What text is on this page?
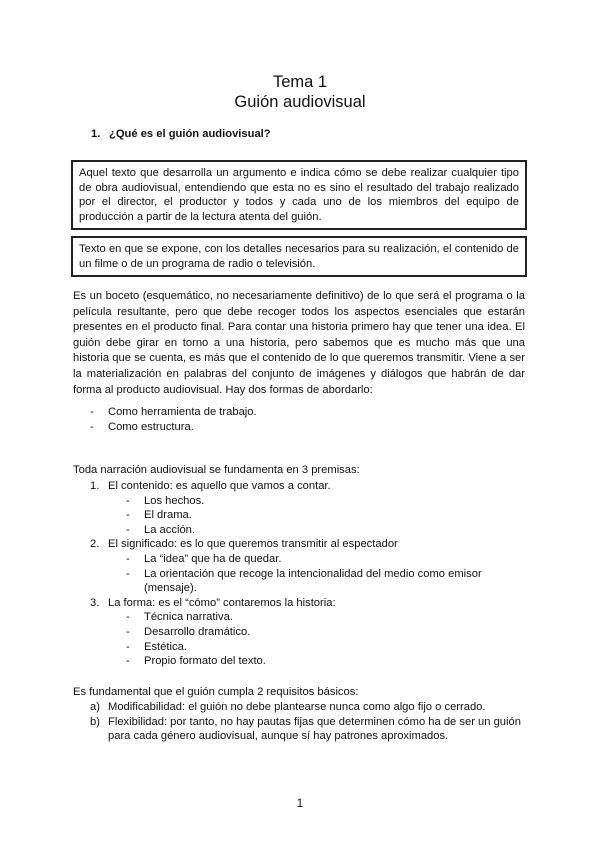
Tema 1
Guión audiovisual
1. ¿Qué es el guión audiovisual?
Aquel texto que desarrolla un argumento e indica cómo se debe realizar cualquier tipo de obra audiovisual, entendiendo que esta no es sino el resultado del trabajo realizado por el director, el productor y todos y cada uno de los miembros del equipo de producción a partir de la lectura atenta del guión.
Texto en que se expone, con los detalles necesarios para su realización, el contenido de un filme o de un programa de radio o televisión.

Es un boceto (esquemático, no necesariamente definitivo) de lo que será el programa o la película resultante, pero que debe recoger todos los aspectos esenciales que estarán presentes en el producto final. Para contar una historia primero hay que tener una idea. El guión debe girar en torno a una historia, pero sabemos que es mucho más que una historia que se cuenta, es más que el contenido de lo que queremos transmitir. Viene a ser la materialización en palabras del conjunto de imágenes y diálogos que habrán de dar forma al producto audiovisual. Hay dos formas de abordarlo:

- Como herramienta de trabajo.
- Como estructura.
Toda narración audiovisual se fundamenta en 3 premisas:
1. El contenido: es aquello que vamos a contar.
- Los hechos.
- El drama.
- La acción.
2. El significado: es lo que queremos transmitir al espectador
- La “idea” que ha de quedar.
- La orientación que recoge la intencionalidad del medio como emisor (mensaje).
3. La forma: es el “cómo” contaremos la historia:
- Técnica narrativa.
- Desarrollo dramático.
- Estética.
- Propio formato del texto.
Es fundamental que el guión cumpla 2 requisitos básicos:
a) Modificabilidad: el guión no debe plantearse nunca como algo fijo o cerrado.
b) Flexibilidad: por tanto, no hay pautas fijas que determinen cómo ha de ser un guión para cada género audiovisual, aunque sí hay patrones aproximados.
1
